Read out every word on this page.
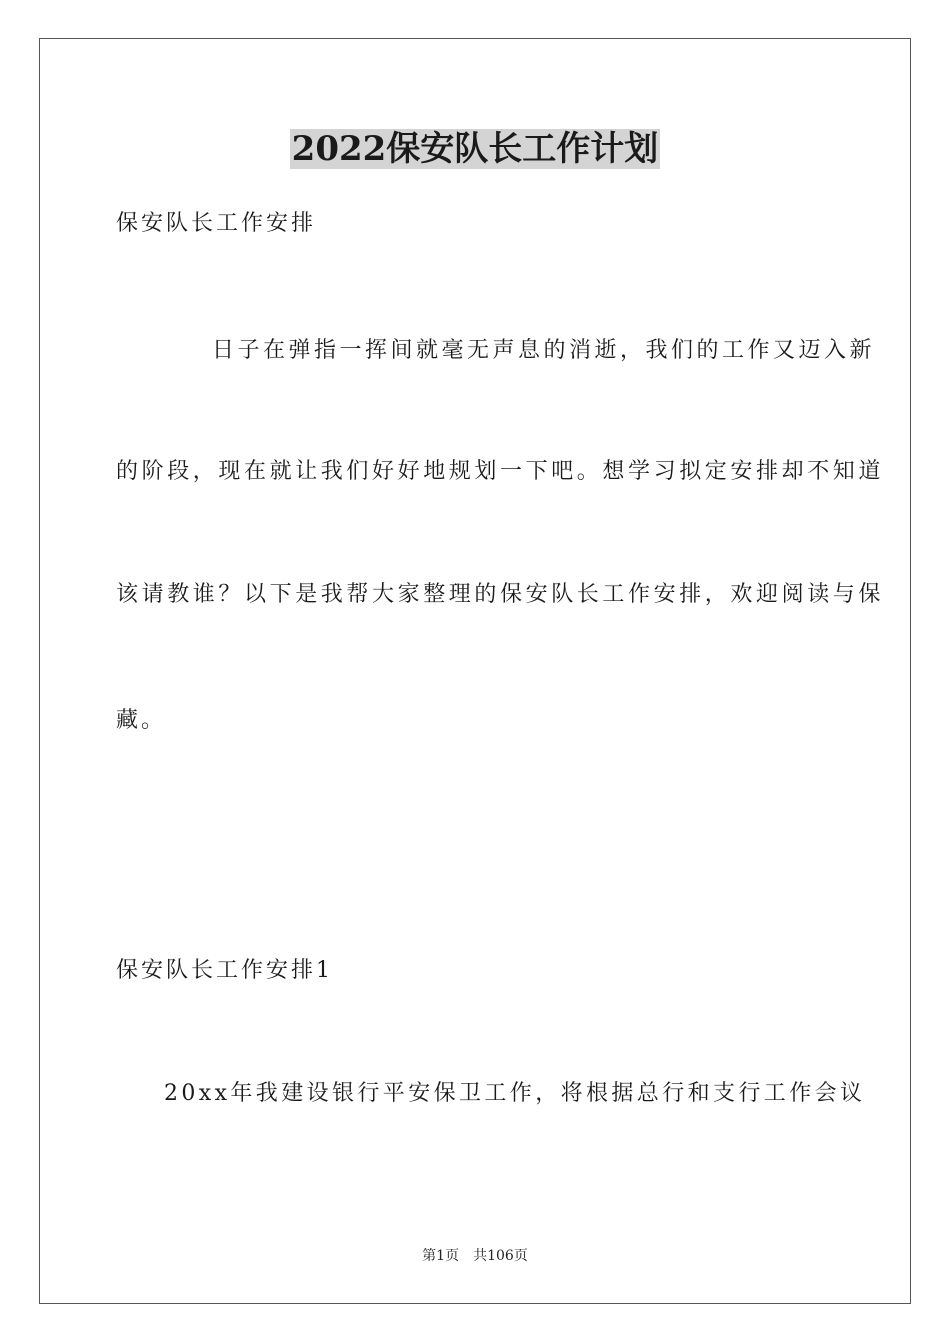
2022保安队长工作计划
保安队长工作安排
日子在弹指一挥间就毫无声息的消逝，我们的工作又迈入新
的阶段，现在就让我们好好地规划一下吧。想学习拟定安排却不知道
该请教谁？以下是我帮大家整理的保安队长工作安排，欢迎阅读与保
藏。
保安队长工作安排1
20xx年我建设银行平安保卫工作，将根据总行和支行工作会议
第1页 共106页
